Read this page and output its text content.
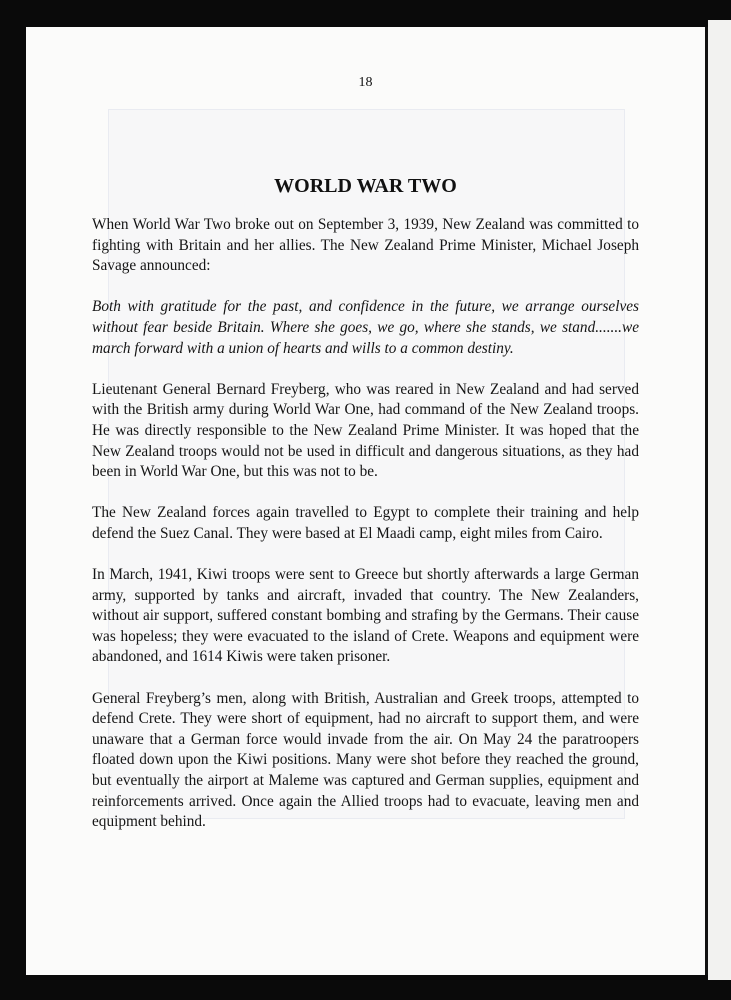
18
WORLD WAR TWO

When World War Two broke out on September 3, 1939, New Zealand was committed to fighting with Britain and her allies. The New Zealand Prime Minister, Michael Joseph Savage announced:

Both with gratitude for the past, and confidence in the future, we arrange ourselves without fear beside Britain. Where she goes, we go, where she stands, we stand.......we march forward with a union of hearts and wills to a common destiny.

Lieutenant General Bernard Freyberg, who was reared in New Zealand and had served with the British army during World War One, had command of the New Zealand troops. He was directly responsible to the New Zealand Prime Minister. It was hoped that the New Zealand troops would not be used in difficult and dangerous situations, as they had been in World War One, but this was not to be.

The New Zealand forces again travelled to Egypt to complete their training and help defend the Suez Canal. They were based at El Maadi camp, eight miles from Cairo.

In March, 1941, Kiwi troops were sent to Greece but shortly afterwards a large German army, supported by tanks and aircraft, invaded that country. The New Zealanders, without air support, suffered constant bombing and strafing by the Germans. Their cause was hopeless; they were evacuated to the island of Crete. Weapons and equipment were abandoned, and 1614 Kiwis were taken prisoner.

General Freyberg’s men, along with British, Australian and Greek troops, attempted to defend Crete. They were short of equipment, had no aircraft to support them, and were unaware that a German force would invade from the air. On May 24 the paratroopers floated down upon the Kiwi positions. Many were shot before they reached the ground, but eventually the airport at Maleme was captured and German supplies, equipment and reinforcements arrived. Once again the Allied troops had to evacuate, leaving men and equipment behind.
